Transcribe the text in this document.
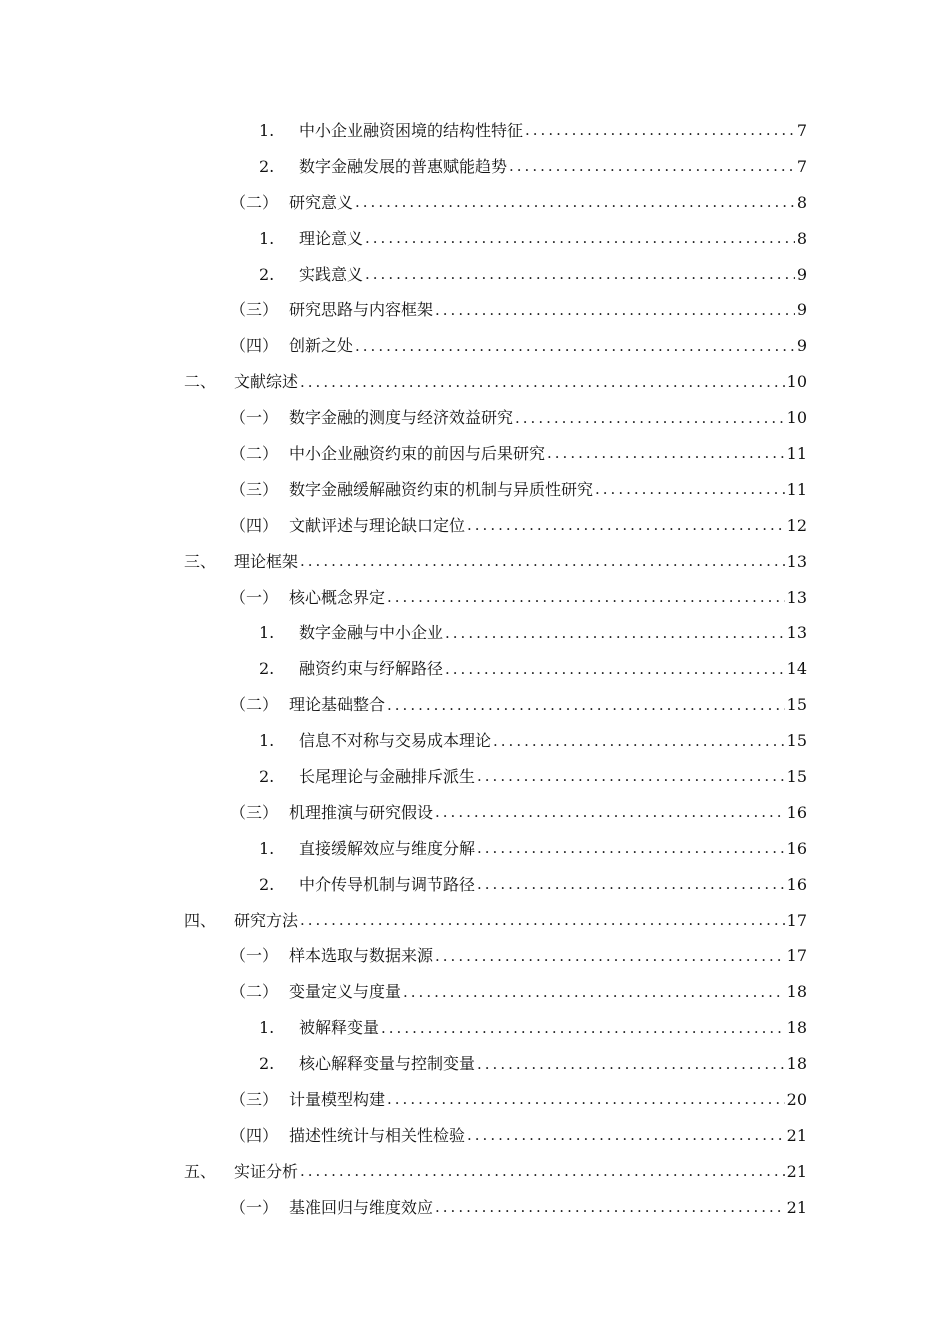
1.	中小企业融资困境的结构性特征 .....	7
2.	数字金融发展的普惠赋能趋势 .....	7
（二） 研究意义 .....	8
1.	理论意义 .....	8
2.	实践意义 .....	9
（三） 研究思路与内容框架 .....	9
（四） 创新之处 .....	9
二、	文献综述 .....	10
（一） 数字金融的测度与经济效益研究 .....	10
（二） 中小企业融资约束的前因与后果研究 .....	11
（三） 数字金融缓解融资约束的机制与异质性研究 .....	11
（四） 文献评述与理论缺口定位 .....	12
三、	理论框架 .....	13
（一） 核心概念界定 .....	13
1.	数字金融与中小企业 .....	13
2.	融资约束与纾解路径 .....	14
（二） 理论基础整合 .....	15
1.	信息不对称与交易成本理论 .....	15
2.	长尾理论与金融排斥派生 .....	15
（三） 机理推演与研究假设 .....	16
1.	直接缓解效应与维度分解 .....	16
2.	中介传导机制与调节路径 .....	16
四、	研究方法 .....	17
（一） 样本选取与数据来源 .....	17
（二） 变量定义与度量 .....	18
1.	被解释变量 .....	18
2.	核心解释变量与控制变量 .....	18
（三） 计量模型构建 .....	20
（四） 描述性统计与相关性检验 .....	21
五、	实证分析 .....	21
（一） 基准回归与维度效应 .....	21
